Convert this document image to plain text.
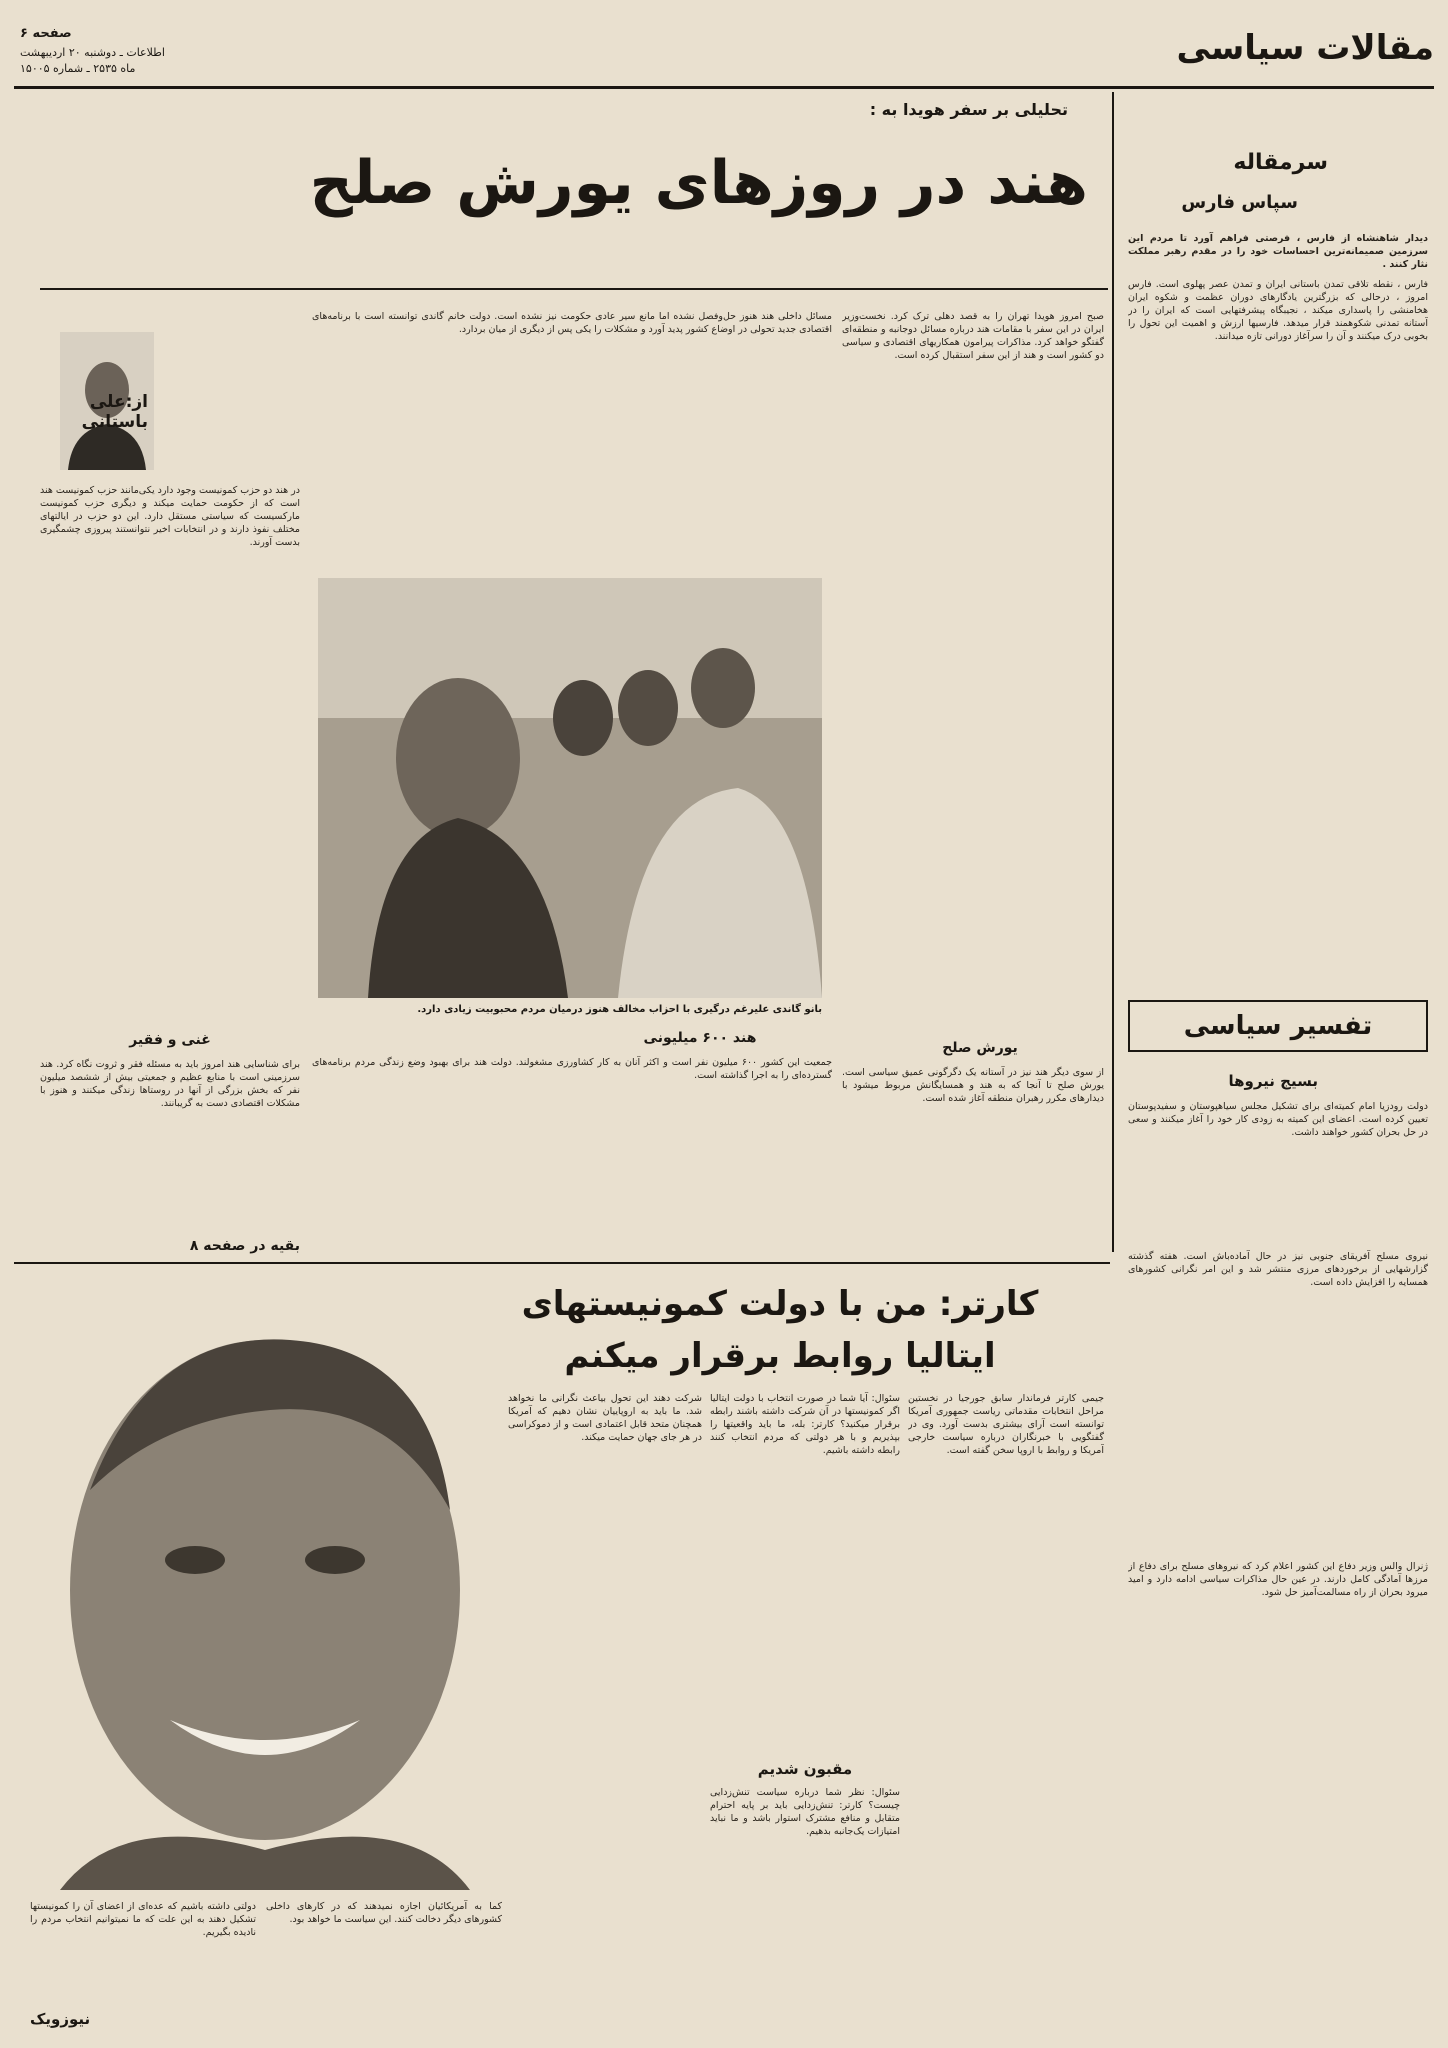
مقالات سیاسی
صفحه ۶
اطلاعات ـ دوشنبه ۲۰ اردیبهشت
ماه ۲۵۳۵ ـ شماره ۱۵۰۰۵
سرمقاله
سپاس فارس
دیدار شاهنشاه از فارس ، فرصتی فراهم آورد تا مردم این سرزمین صمیمانه‌ترین احساسات خود را در مقدم رهبر مملکت نثار کنند .
فارس ، نقطه تلاقی تمدن باستانی ایران و تمدن عصر پهلوی است. فارس امروز ، درحالی که بزرگترین یادگارهای دوران عظمت و شکوه ایران هخامنشی را پاسداری میکند ، نجیبگاه پیشرفتهایی است که ایران را در آستانه تمدنی شکوهمند قرار میدهد. فارسیها ارزش و اهمیت این تحول را بخوبی درک میکنند و آن را سرآغاز دورانی تازه میدانند.
تفسیر سیاسی
بسیج نیروها
دولت رودزیا امام کمیته‌ای برای تشکیل مجلس سیاهپوستان و سفیدپوستان تعیین کرده است. اعضای این کمیته به زودی کار خود را آغاز میکنند و سعی در حل بحران کشور خواهند داشت.
نیروی مسلح آفریقای جنوبی نیز در حال آماده‌باش است. هفته گذشته گزارشهایی از برخوردهای مرزی منتشر شد و این امر نگرانی کشورهای همسایه را افزایش داده است.
ژنرال والس وزیر دفاع این کشور اعلام کرد که نیروهای مسلح برای دفاع از مرزها آمادگی کامل دارند. در عین حال مذاکرات سیاسی ادامه دارد و امید میرود بحران از راه مسالمت‌آمیز حل شود.
تحلیلی بر سفر هویدا به :
هند در روزهای یورش صلح
در هند دو حزب کمونیست وجود دارد یکی‌مانند حزب کمونیست هند است که از حکومت حمایت میکند و دیگری حزب کمونیست مارکسیست که سیاستی مستقل دارد. این دو حزب در ایالتهای مختلف نفوذ دارند و در انتخابات اخیر نتوانستند پیروزی چشمگیری بدست آورند.
غنی و فقیر
برای شناسایی هند امروز باید به مسئله فقر و ثروت نگاه کرد. هند سرزمینی است با منابع عظیم و جمعیتی بیش از ششصد میلیون نفر که بخش بزرگی از آنها در روستاها زندگی میکنند و هنوز با مشکلات اقتصادی دست به گریبانند.
بقیه در صفحه ۸
مسائل داخلی هند هنوز حل‌وفصل نشده اما مانع سیر عادی حکومت نیز نشده است. دولت خانم گاندی توانسته است با برنامه‌های اقتصادی جدید تحولی در اوضاع کشور پدید آورد و مشکلات را یکی پس از دیگری از میان بردارد.
صبح امروز هویدا تهران را به قصد دهلی ترک کرد. نخست‌وزیر ایران در این سفر با مقامات هند درباره مسائل دوجانبه و منطقه‌ای گفتگو خواهد کرد. مذاکرات پیرامون همکاریهای اقتصادی و سیاسی دو کشور است و هند از این سفر استقبال کرده است.
یورش صلح
از سوی دیگر هند نیز در آستانه یک دگرگونی عمیق سیاسی است. یورش صلح تا آنجا که به هند و همسایگانش مربوط میشود با دیدارهای مکرر رهبران منطقه آغاز شده است.
بانو گاندی علیرغم درگیری با احزاب مخالف هنوز درمیان مردم محبوبیت زیادی دارد.
هند ۶۰۰ میلیونی
جمعیت این کشور ۶۰۰ میلیون نفر است و اکثر آنان به کار کشاورزی مشغولند. دولت هند برای بهبود وضع زندگی مردم برنامه‌های گسترده‌ای را به اجرا گذاشته است.
کارتر: من با دولت کمونیستهای
ایتالیا روابط برقرار میکنم
جیمی کارتر فرماندار سابق جورجیا در نخستین مراحل انتخابات مقدماتی ریاست جمهوری آمریکا توانسته است آرای بیشتری بدست آورد. وی در گفتگویی با خبرنگاران درباره سیاست خارجی آمریکا و روابط با اروپا سخن گفته است.
سئوال: آیا شما در صورت انتخاب با دولت ایتالیا اگر کمونیستها در آن شرکت داشته باشند رابطه برقرار میکنید؟ کارتر: بله، ما باید واقعیتها را بپذیریم و با هر دولتی که مردم انتخاب کنند رابطه داشته باشیم.
مقبون شدیم
سئوال: نظر شما درباره سیاست تنش‌زدایی چیست؟ کارتر: تنش‌زدایی باید بر پایه احترام متقابل و منافع مشترک استوار باشد و ما نباید امتیازات یک‌جانبه بدهیم.
شرکت دهند این تحول بیاعث نگرانی ما نخواهد شد. ما باید به اروپاییان نشان دهیم که آمریکا همچنان متحد قابل اعتمادی است و از دموکراسی در هر جای جهان حمایت میکند.
دولتی داشته باشیم که عده‌ای از اعضای آن را کمونیستها تشکیل دهند به این علت که ما نمیتوانیم انتخاب مردم را نادیده بگیریم.
کما به آمریکائیان اجازه نمیدهند که در کارهای داخلی کشورهای دیگر دخالت کنند. این سیاست ما خواهد بود.
نیوزویک
